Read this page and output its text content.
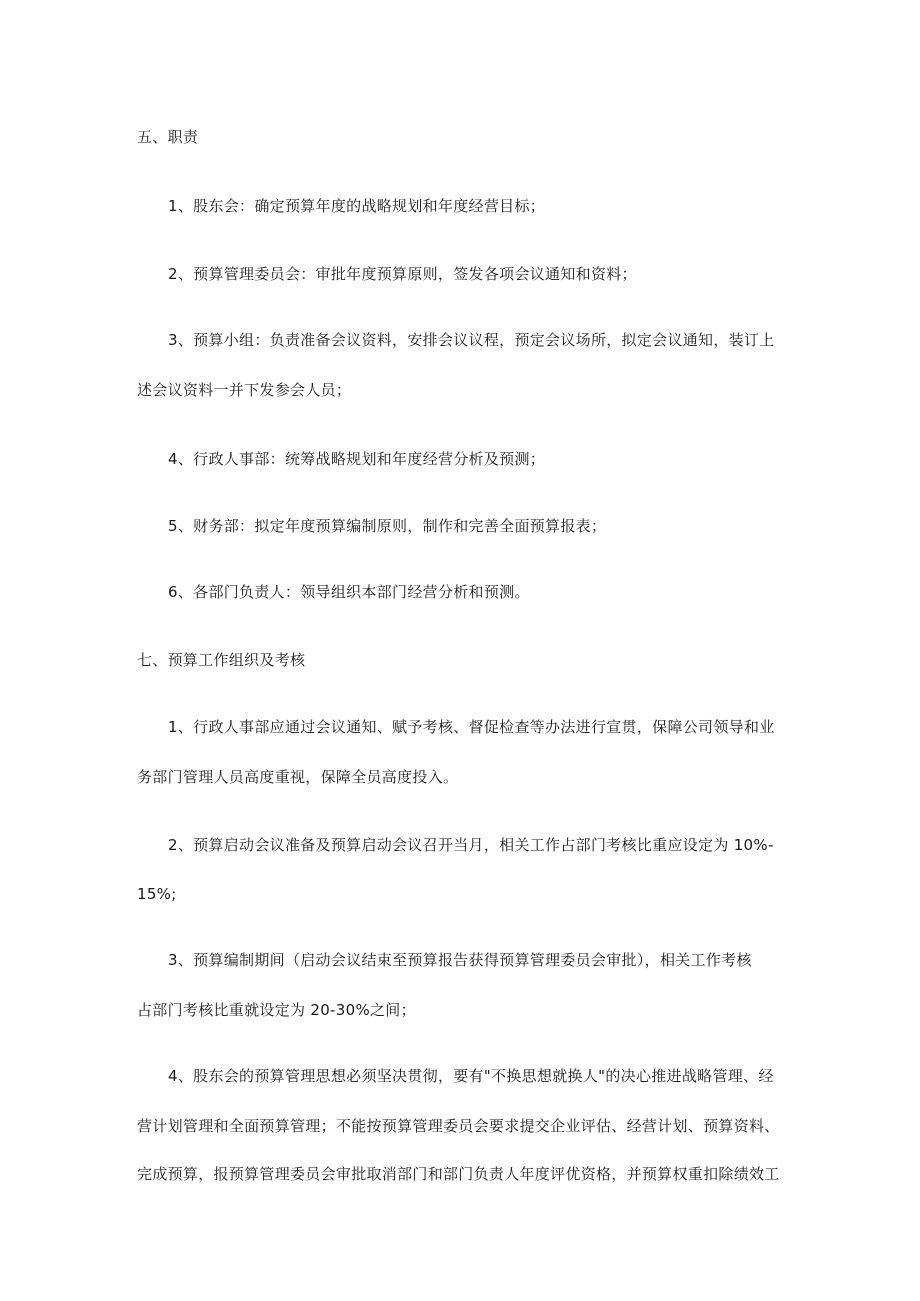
五、职责
1、股东会：确定预算年度的战略规划和年度经营目标；
2、预算管理委员会：审批年度预算原则，签发各项会议通知和资料；
3、预算小组：负责准备会议资料，安排会议议程，预定会议场所，拟定会议通知，装订上
述会议资料一并下发参会人员；
4、行政人事部：统筹战略规划和年度经营分析及预测；
5、财务部：拟定年度预算编制原则，制作和完善全面预算报表；
6、各部门负责人：领导组织本部门经营分析和预测。
七、预算工作组织及考核
1、行政人事部应通过会议通知、赋予考核、督促检查等办法进行宣贯，保障公司领导和业
务部门管理人员高度重视，保障全员高度投入。
2、预算启动会议准备及预算启动会议召开当月，相关工作占部门考核比重应设定为 10%-
15%;
3、预算编制期间（启动会议结束至预算报告获得预算管理委员会审批），相关工作考核
占部门考核比重就设定为 20-30%之间；
4、股东会的预算管理思想必须坚决贯彻，要有"不换思想就换人"的决心推进战略管理、经
营计划管理和全面预算管理；不能按预算管理委员会要求提交企业评估、经营计划、预算资料、
完成预算，报预算管理委员会审批取消部门和部门负责人年度评优资格，并预算权重扣除绩效工
